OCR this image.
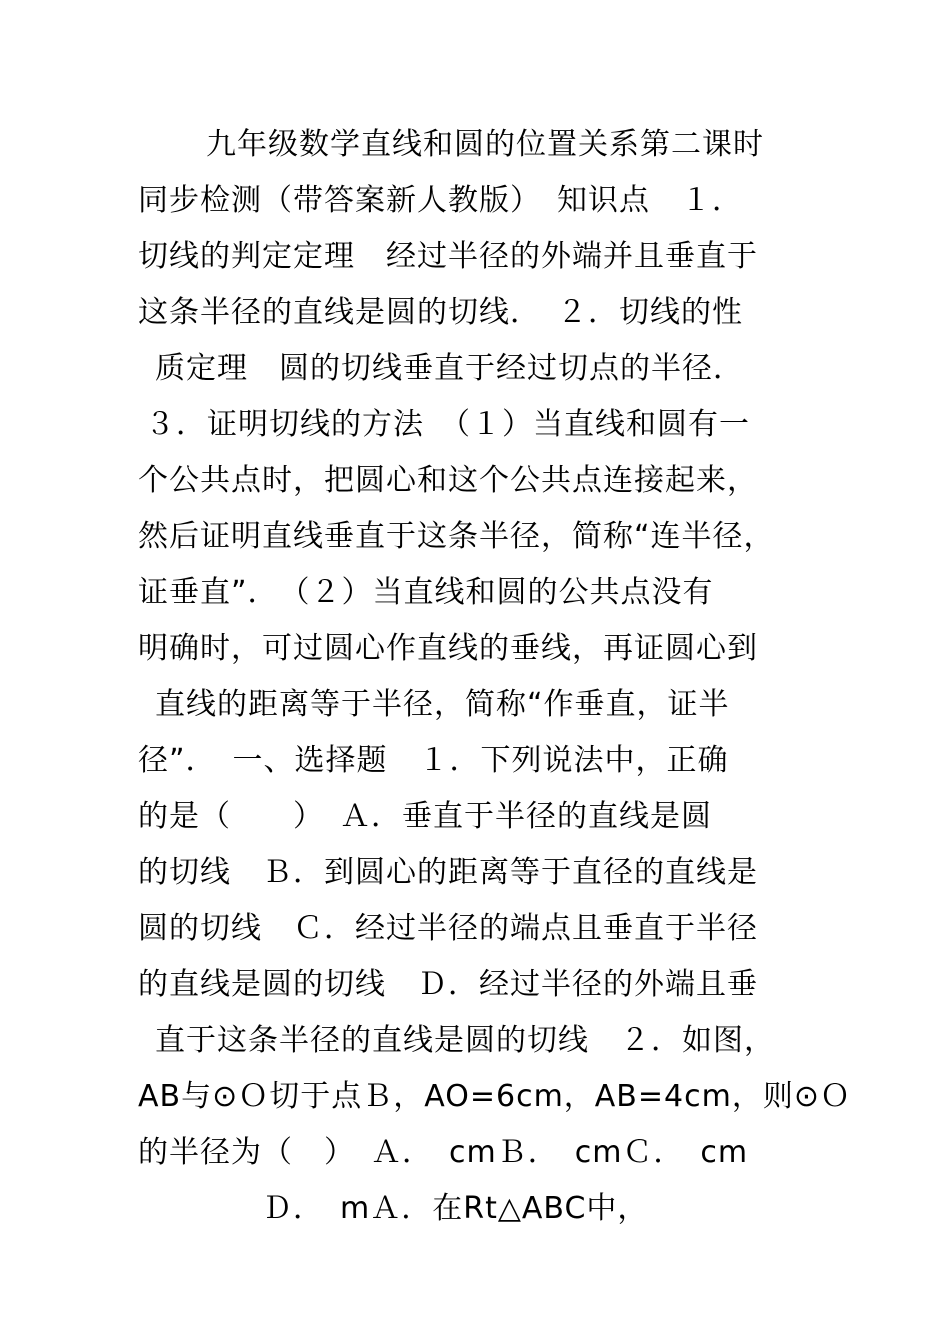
九年级数学直线和圆的位置关系第二课时
同步检测（带答案新人教版）　知识点　１．
切线的判定定理　经过半径的外端并且垂直于
这条半径的直线是圆的切线．　２．切线的性
质定理　圆的切线垂直于经过切点的半径．
３．证明切线的方法　（１）当直线和圆有一
个公共点时，把圆心和这个公共点连接起来，
然后证明直线垂直于这条半径，简称“连半径，
证垂直”．　（２）当直线和圆的公共点没有
明确时，可过圆心作直线的垂线，再证圆心到
直线的距离等于半径，简称“作垂直，证半
径”．　一、选择题　１．下列说法中，正确
的是（　　）　Ａ．垂直于半径的直线是圆
的切线　Ｂ．到圆心的距离等于直径的直线是
圆的切线　Ｃ．经过半径的端点且垂直于半径
的直线是圆的切线　Ｄ．经过半径的外端且垂
直于这条半径的直线是圆的切线　２．如图，
AB与⊙Ｏ切于点Ｂ，AO=6cm，AB=4cm，则⊙Ｏ
的半径为（　）　Ａ．　cmＢ．　cmＣ．　cm
Ｄ．　mＡ．在Rt△ABC中，
